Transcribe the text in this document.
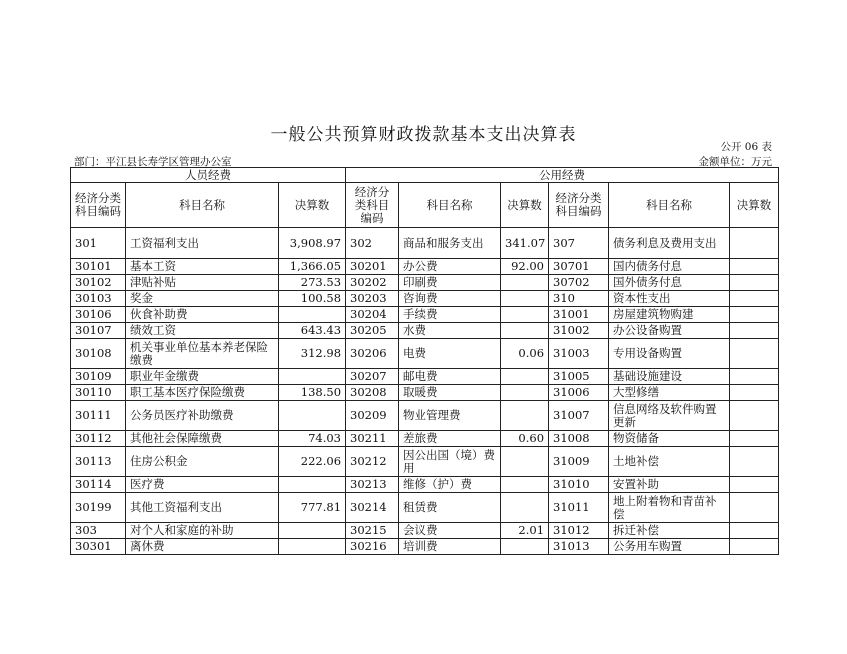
一般公共预算财政拨款基本支出决算表
公开 06 表
部门：平江县长寿学区管理办公室	金额单位：万元
人员经费			公用经费					
经济分类科目编码	科目名称	决算数	经济分类科目编码	科目名称	决算数	经济分类科目编码	科目名称	决算数
301	工资福利支出	3,908.97	302	商品和服务支出	341.07	307	债务利息及费用支出	
30101	基本工资	1,366.05	30201	办公费	92.00	30701	国内债务付息	
30102	津贴补贴	273.53	30202	印刷费		30702	国外债务付息	
30103	奖金	100.58	30203	咨询费		310	资本性支出	
30106	伙食补助费		30204	手续费		31001	房屋建筑物购建	
30107	绩效工资	643.43	30205	水费		31002	办公设备购置	
30108	机关事业单位基本养老保险缴费	312.98	30206	电费	0.06	31003	专用设备购置	
30109	职业年金缴费		30207	邮电费		31005	基础设施建设	
30110	职工基本医疗保险缴费	138.50	30208	取暖费		31006	大型修缮	
30111	公务员医疗补助缴费		30209	物业管理费		31007	信息网络及软件购置更新	
30112	其他社会保障缴费	74.03	30211	差旅费	0.60	31008	物资储备	
30113	住房公积金	222.06	30212	因公出国（境）费用		31009	土地补偿	
30114	医疗费		30213	维修（护）费		31010	安置补助	
30199	其他工资福利支出	777.81	30214	租赁费		31011	地上附着物和青苗补偿	
303	对个人和家庭的补助		30215	会议费	2.01	31012	拆迁补偿	
30301	离休费		30216	培训费		31013	公务用车购置	
